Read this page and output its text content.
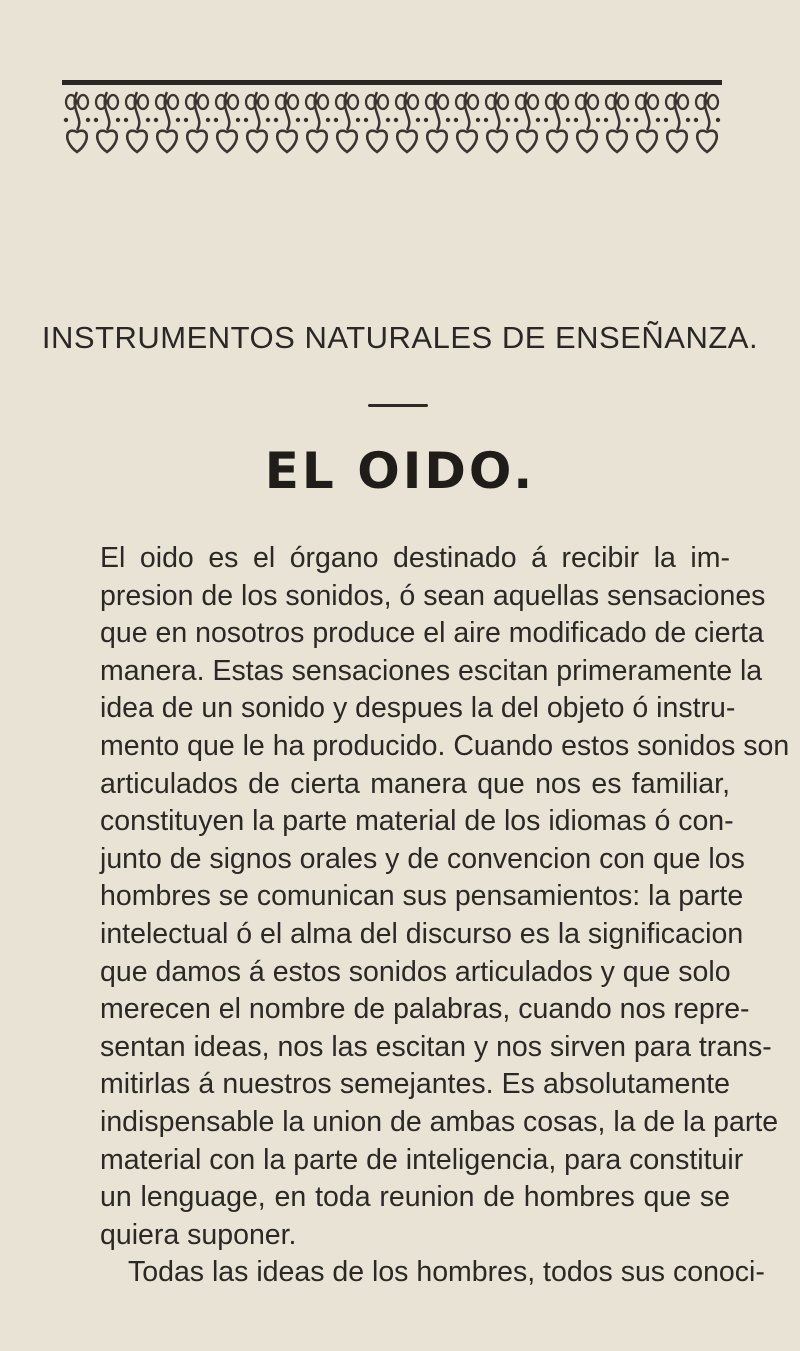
INSTRUMENTOS NATURALES DE ENSEÑANZA.
EL OIDO.
El oido es el órgano destinado á recibir la im-
presion de los sonidos, ó sean aquellas sensaciones
que en nosotros produce el aire modificado de cierta
manera. Estas sensaciones escitan primeramente la
idea de un sonido y despues la del objeto ó instru-
mento que le ha producido. Cuando estos sonidos son
articulados de cierta manera que nos es familiar,
constituyen la parte material de los idiomas ó con-
junto de signos orales y de convencion con que los
hombres se comunican sus pensamientos: la parte
intelectual ó el alma del discurso es la significacion
que damos á estos sonidos articulados y que solo
merecen el nombre de palabras, cuando nos repre-
sentan ideas, nos las escitan y nos sirven para trans-
mitirlas á nuestros semejantes. Es absolutamente
indispensable la union de ambas cosas, la de la parte
material con la parte de inteligencia, para constituir
un lenguage, en toda reunion de hombres que se
quiera suponer.
Todas las ideas de los hombres, todos sus conoci-
